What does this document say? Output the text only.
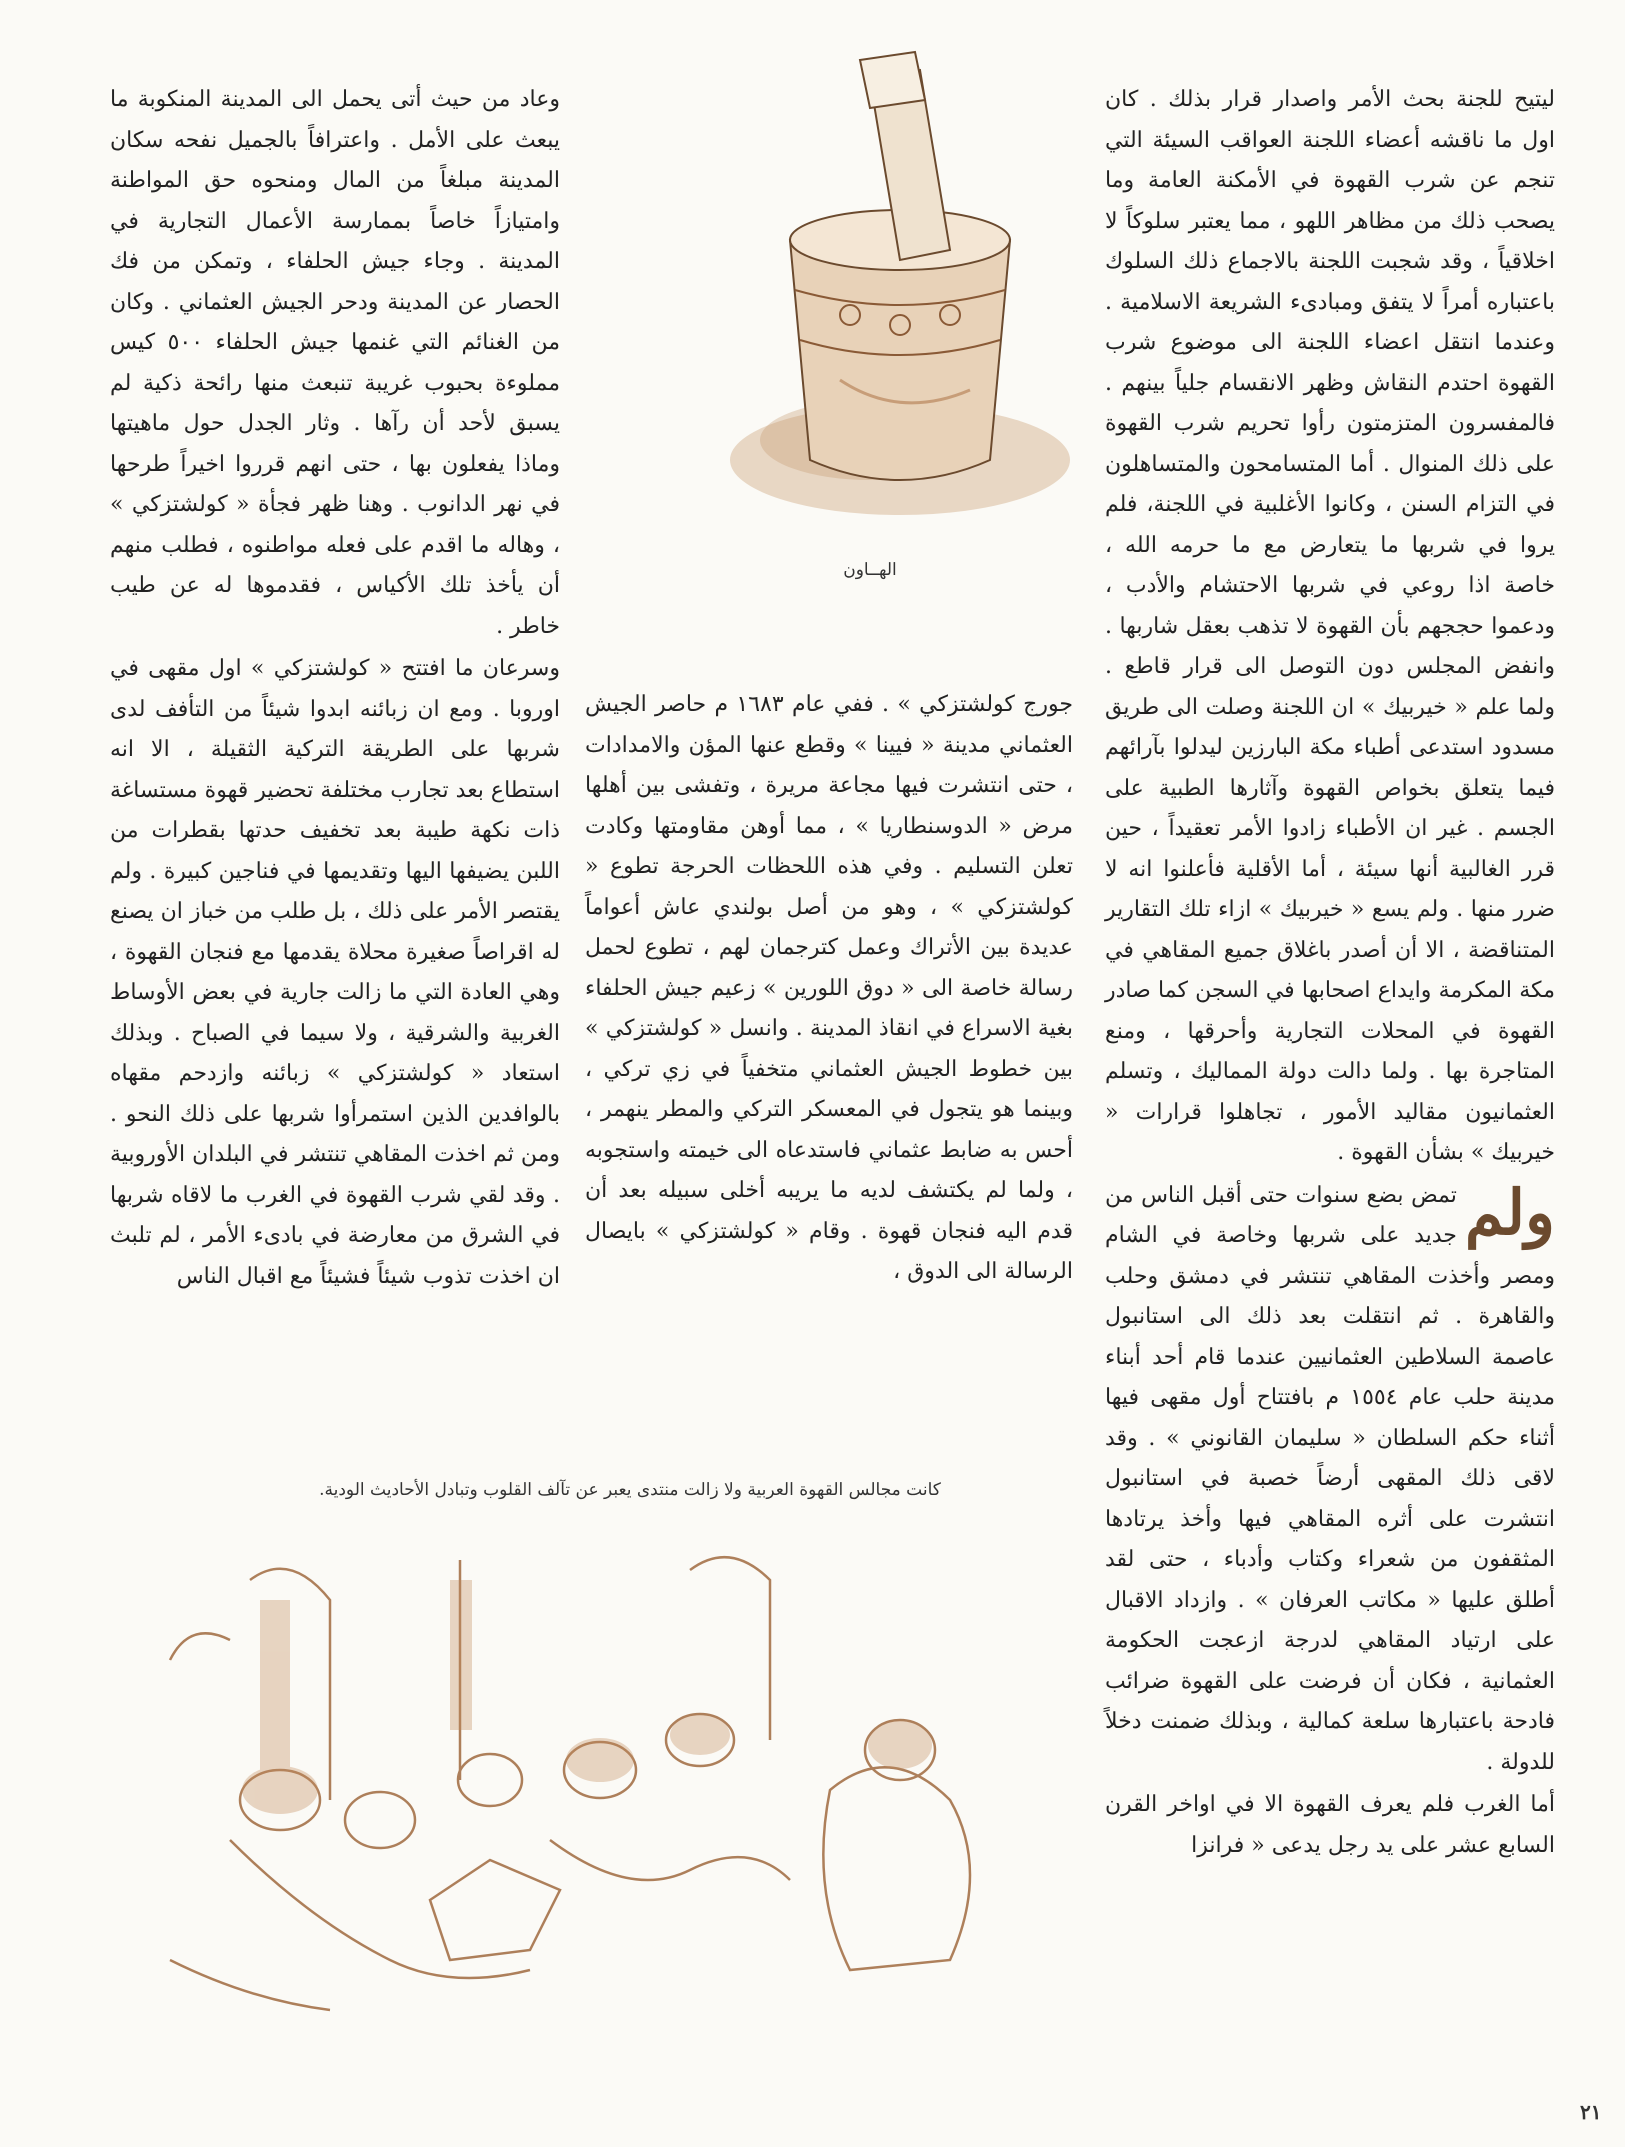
ليتيح للجنة بحث الأمر واصدار قرار بذلك . كان اول ما ناقشه أعضاء اللجنة العواقب السيئة التي تنجم عن شرب القهوة في الأمكنة العامة وما يصحب ذلك من مظاهر اللهو ، مما يعتبر سلوكاً لا اخلاقياً ، وقد شجبت اللجنة بالاجماع ذلك السلوك باعتباره أمراً لا يتفق ومبادىء الشريعة الاسلامية . وعندما انتقل اعضاء اللجنة الى موضوع شرب القهوة احتدم النقاش وظهر الانقسام جلياً بينهم . فالمفسرون المتزمتون رأوا تحريم شرب القهوة على ذلك المنوال . أما المتسامحون والمتساهلون في التزام السنن ، وكانوا الأغلبية في اللجنة، فلم يروا في شربها ما يتعارض مع ما حرمه الله ، خاصة اذا روعي في شربها الاحتشام والأدب ، ودعموا حججهم بأن القهوة لا تذهب بعقل شاربها . وانفض المجلس دون التوصل الى قرار قاطع . ولما علم « خيربيك » ان اللجنة وصلت الى طريق مسدود استدعى أطباء مكة البارزين ليدلوا بآرائهم فيما يتعلق بخواص القهوة وآثارها الطبية على الجسم . غير ان الأطباء زادوا الأمر تعقيداً ، حين قرر الغالبية أنها سيئة ، أما الأقلية فأعلنوا انه لا ضرر منها . ولم يسع « خيربيك » ازاء تلك التقارير المتناقضة ، الا أن أصدر باغلاق جميع المقاهي في مكة المكرمة وايداع اصحابها في السجن كما صادر القهوة في المحلات التجارية وأحرقها ، ومنع المتاجرة بها . ولما دالت دولة المماليك ، وتسلم العثمانيون مقاليد الأمور ، تجاهلوا قرارات « خيربيك » بشأن القهوة .

ولم
تمض بضع سنوات حتى أقبل الناس من جديد على شربها وخاصة في الشام ومصر وأخذت المقاهي تنتشر في دمشق وحلب والقاهرة . ثم انتقلت بعد ذلك الى استانبول عاصمة السلاطين العثمانيين عندما قام أحد أبناء مدينة حلب عام ١٥٥٤ م بافتتاح أول مقهى فيها أثناء حكم السلطان « سليمان القانوني » . وقد لاقى ذلك المقهى أرضاً خصبة في استانبول انتشرت على أثره المقاهي فيها وأخذ يرتادها المثقفون من شعراء وكتاب وأدباء ، حتى لقد أطلق عليها « مكاتب العرفان » . وازداد الاقبال على ارتياد المقاهي لدرجة ازعجت الحكومة العثمانية ، فكان أن فرضت على القهوة ضرائب فادحة باعتبارها سلعة كمالية ، وبذلك ضمنت دخلاً للدولة .

أما الغرب فلم يعرف القهوة الا في اواخر القرن السابع عشر على يد رجل يدعى « فرانزا

جورج كولشتزكي » . ففي عام ١٦٨٣ م حاصر الجيش العثماني مدينة « فيينا » وقطع عنها المؤن والامدادات ، حتى انتشرت فيها مجاعة مريرة ، وتفشى بين أهلها مرض « الدوسنطاريا » ، مما أوهن مقاومتها وكادت تعلن التسليم . وفي هذه اللحظات الحرجة تطوع « كولشتزكي » ، وهو من أصل بولندي عاش أعواماً عديدة بين الأتراك وعمل كترجمان لهم ، تطوع لحمل رسالة خاصة الى « دوق اللورين » زعيم جيش الحلفاء بغية الاسراع في انقاذ المدينة . وانسل « كولشتزكي » بين خطوط الجيش العثماني متخفياً في زي تركي ، وبينما هو يتجول في المعسكر التركي والمطر ينهمر ، أحس به ضابط عثماني فاستدعاه الى خيمته واستجوبه ، ولما لم يكتشف لديه ما يريبه أخلى سبيله بعد أن قدم اليه فنجان قهوة . وقام « كولشتزكي » بايصال الرسالة الى الدوق ،

وعاد من حيث أتى يحمل الى المدينة المنكوبة ما يبعث على الأمل . واعترافاً بالجميل نفحه سكان المدينة مبلغاً من المال ومنحوه حق المواطنة وامتيازاً خاصاً بممارسة الأعمال التجارية في المدينة . وجاء جيش الحلفاء ، وتمكن من فك الحصار عن المدينة ودحر الجيش العثماني . وكان من الغنائم التي غنمها جيش الحلفاء ٥٠٠ كيس مملوءة بحبوب غريبة تنبعث منها رائحة ذكية لم يسبق لأحد أن رآها . وثار الجدل حول ماهيتها وماذا يفعلون بها ، حتى انهم قرروا اخيراً طرحها في نهر الدانوب . وهنا ظهر فجأة « كولشتزكي » ، وهاله ما اقدم على فعله مواطنوه ، فطلب منهم أن يأخذ تلك الأكياس ، فقدموها له عن طيب خاطر .

وسرعان ما افتتح « كولشتزكي » اول مقهى في اوروبا . ومع ان زبائنه ابدوا شيئاً من التأفف لدى شربها على الطريقة التركية الثقيلة ، الا انه استطاع بعد تجارب مختلفة تحضير قهوة مستساغة ذات نكهة طيبة بعد تخفيف حدتها بقطرات من اللبن يضيفها اليها وتقديمها في فناجين كبيرة . ولم يقتصر الأمر على ذلك ، بل طلب من خباز ان يصنع له اقراصاً صغيرة محلاة يقدمها مع فنجان القهوة ، وهي العادة التي ما زالت جارية في بعض الأوساط الغربية والشرقية ، ولا سيما في الصباح . وبذلك استعاد « كولشتزكي » زبائنه وازدحم مقهاه بالوافدين الذين استمرأوا شربها على ذلك النحو . ومن ثم اخذت المقاهي تنتشر في البلدان الأوروبية . وقد لقي شرب القهوة في الغرب ما لاقاه شربها في الشرق من معارضة في بادىء الأمر ، لم تلبث ان اخذت تذوب شيئاً فشيئاً مع اقبال الناس

الهــاون
كانت مجالس القهوة العربية ولا زالت منتدى يعبر عن تآلف القلوب وتبادل الأحاديث الودية.
٢١
